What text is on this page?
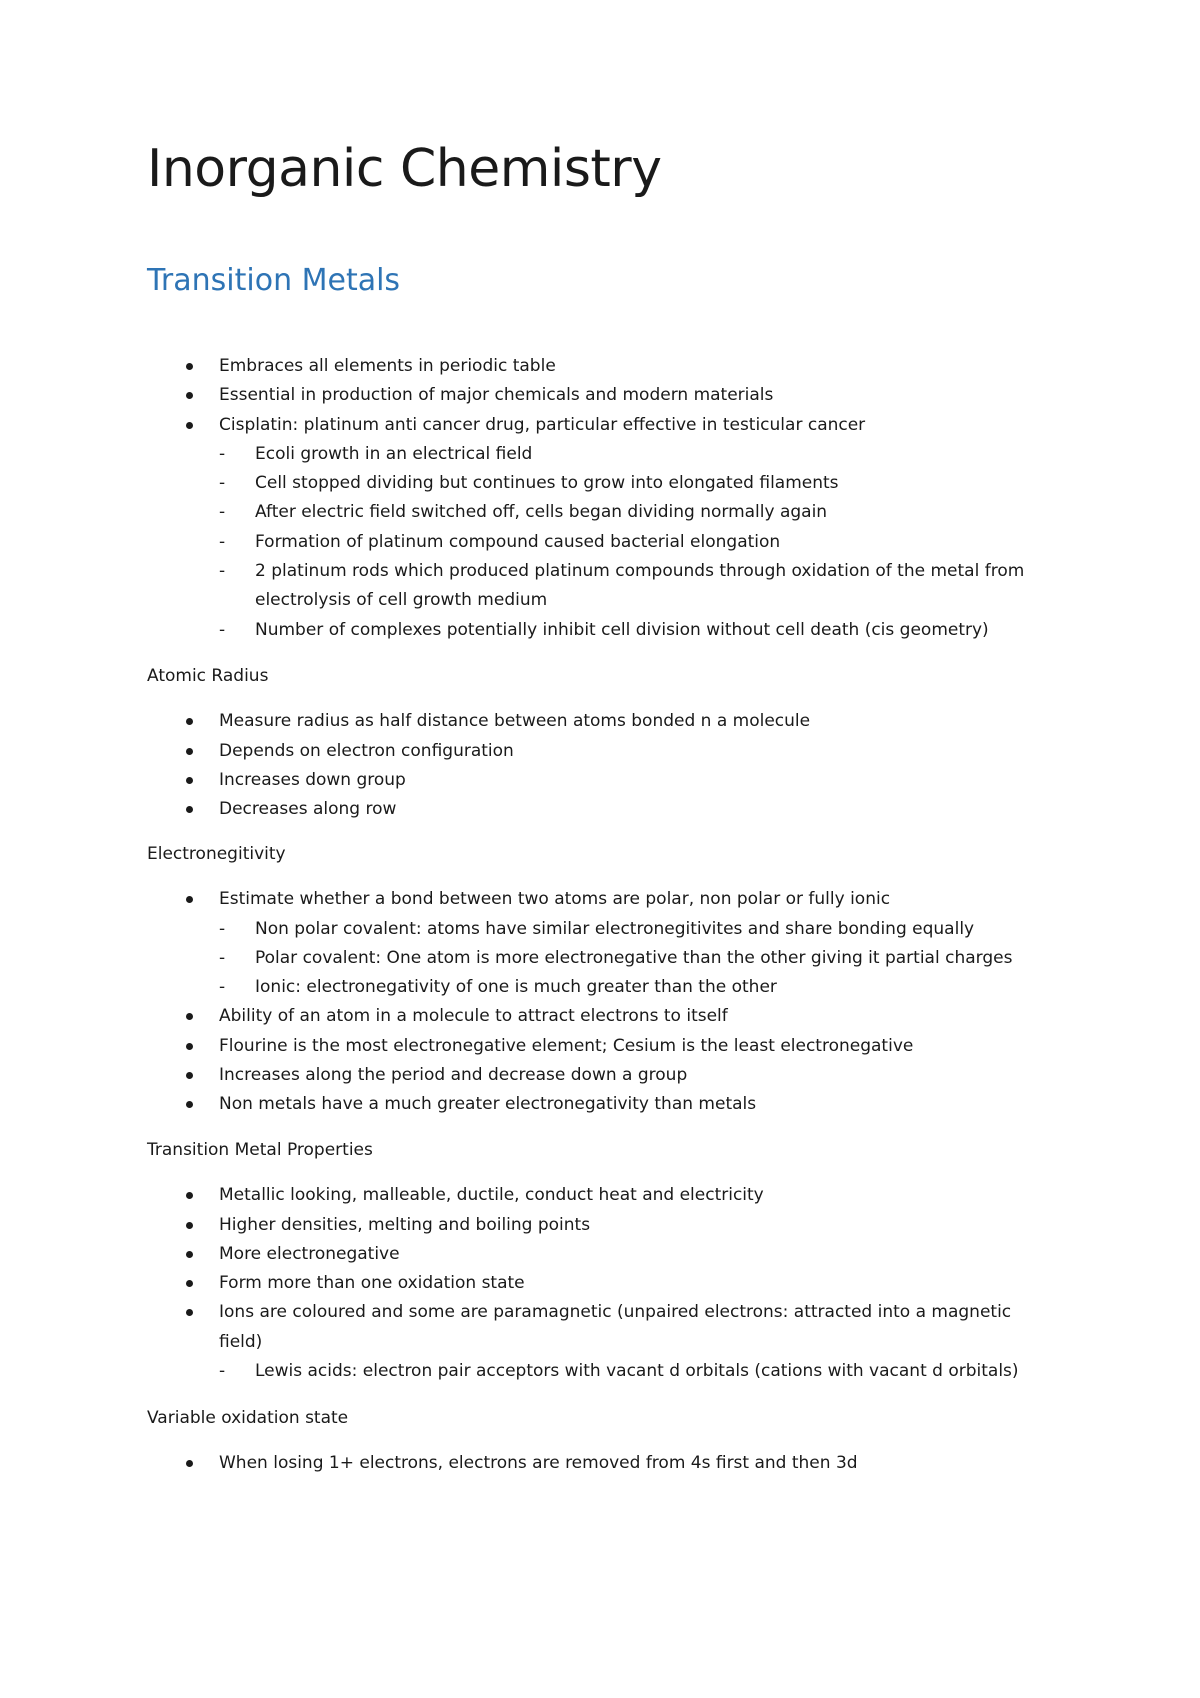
Inorganic Chemistry
Transition Metals
Embraces all elements in periodic table
Essential in production of major chemicals and modern materials
Cisplatin: platinum anti cancer drug, particular effective in testicular cancer
- Ecoli growth in an electrical field
- Cell stopped dividing but continues to grow into elongated filaments
- After electric field switched off, cells began dividing normally again
- Formation of platinum compound caused bacterial elongation
- 2 platinum rods which produced platinum compounds through oxidation of the metal from electrolysis of cell growth medium
- Number of complexes potentially inhibit cell division without cell death (cis geometry)
Atomic Radius
Measure radius as half distance between atoms bonded n a molecule
Depends on electron configuration
Increases down group
Decreases along row
Electronegitivity
Estimate whether a bond between two atoms are polar, non polar or fully ionic
- Non polar covalent: atoms have similar electronegitivites and share bonding equally
- Polar covalent: One atom is more electronegative than the other giving it partial charges
- Ionic: electronegativity of one is much greater than the other
Ability of an atom in a molecule to attract electrons to itself
Flourine is the most electronegative element; Cesium is the least electronegative
Increases along the period and decrease down a group
Non metals have a much greater electronegativity than metals
Transition Metal Properties
Metallic looking, malleable, ductile, conduct heat and electricity
Higher densities, melting and boiling points
More electronegative
Form more than one oxidation state
Ions are coloured and some are paramagnetic (unpaired electrons: attracted into a magnetic field)
- Lewis acids: electron pair acceptors with vacant d orbitals (cations with vacant d orbitals)
Variable oxidation state
When losing 1+ electrons, electrons are removed from 4s first and then 3d
